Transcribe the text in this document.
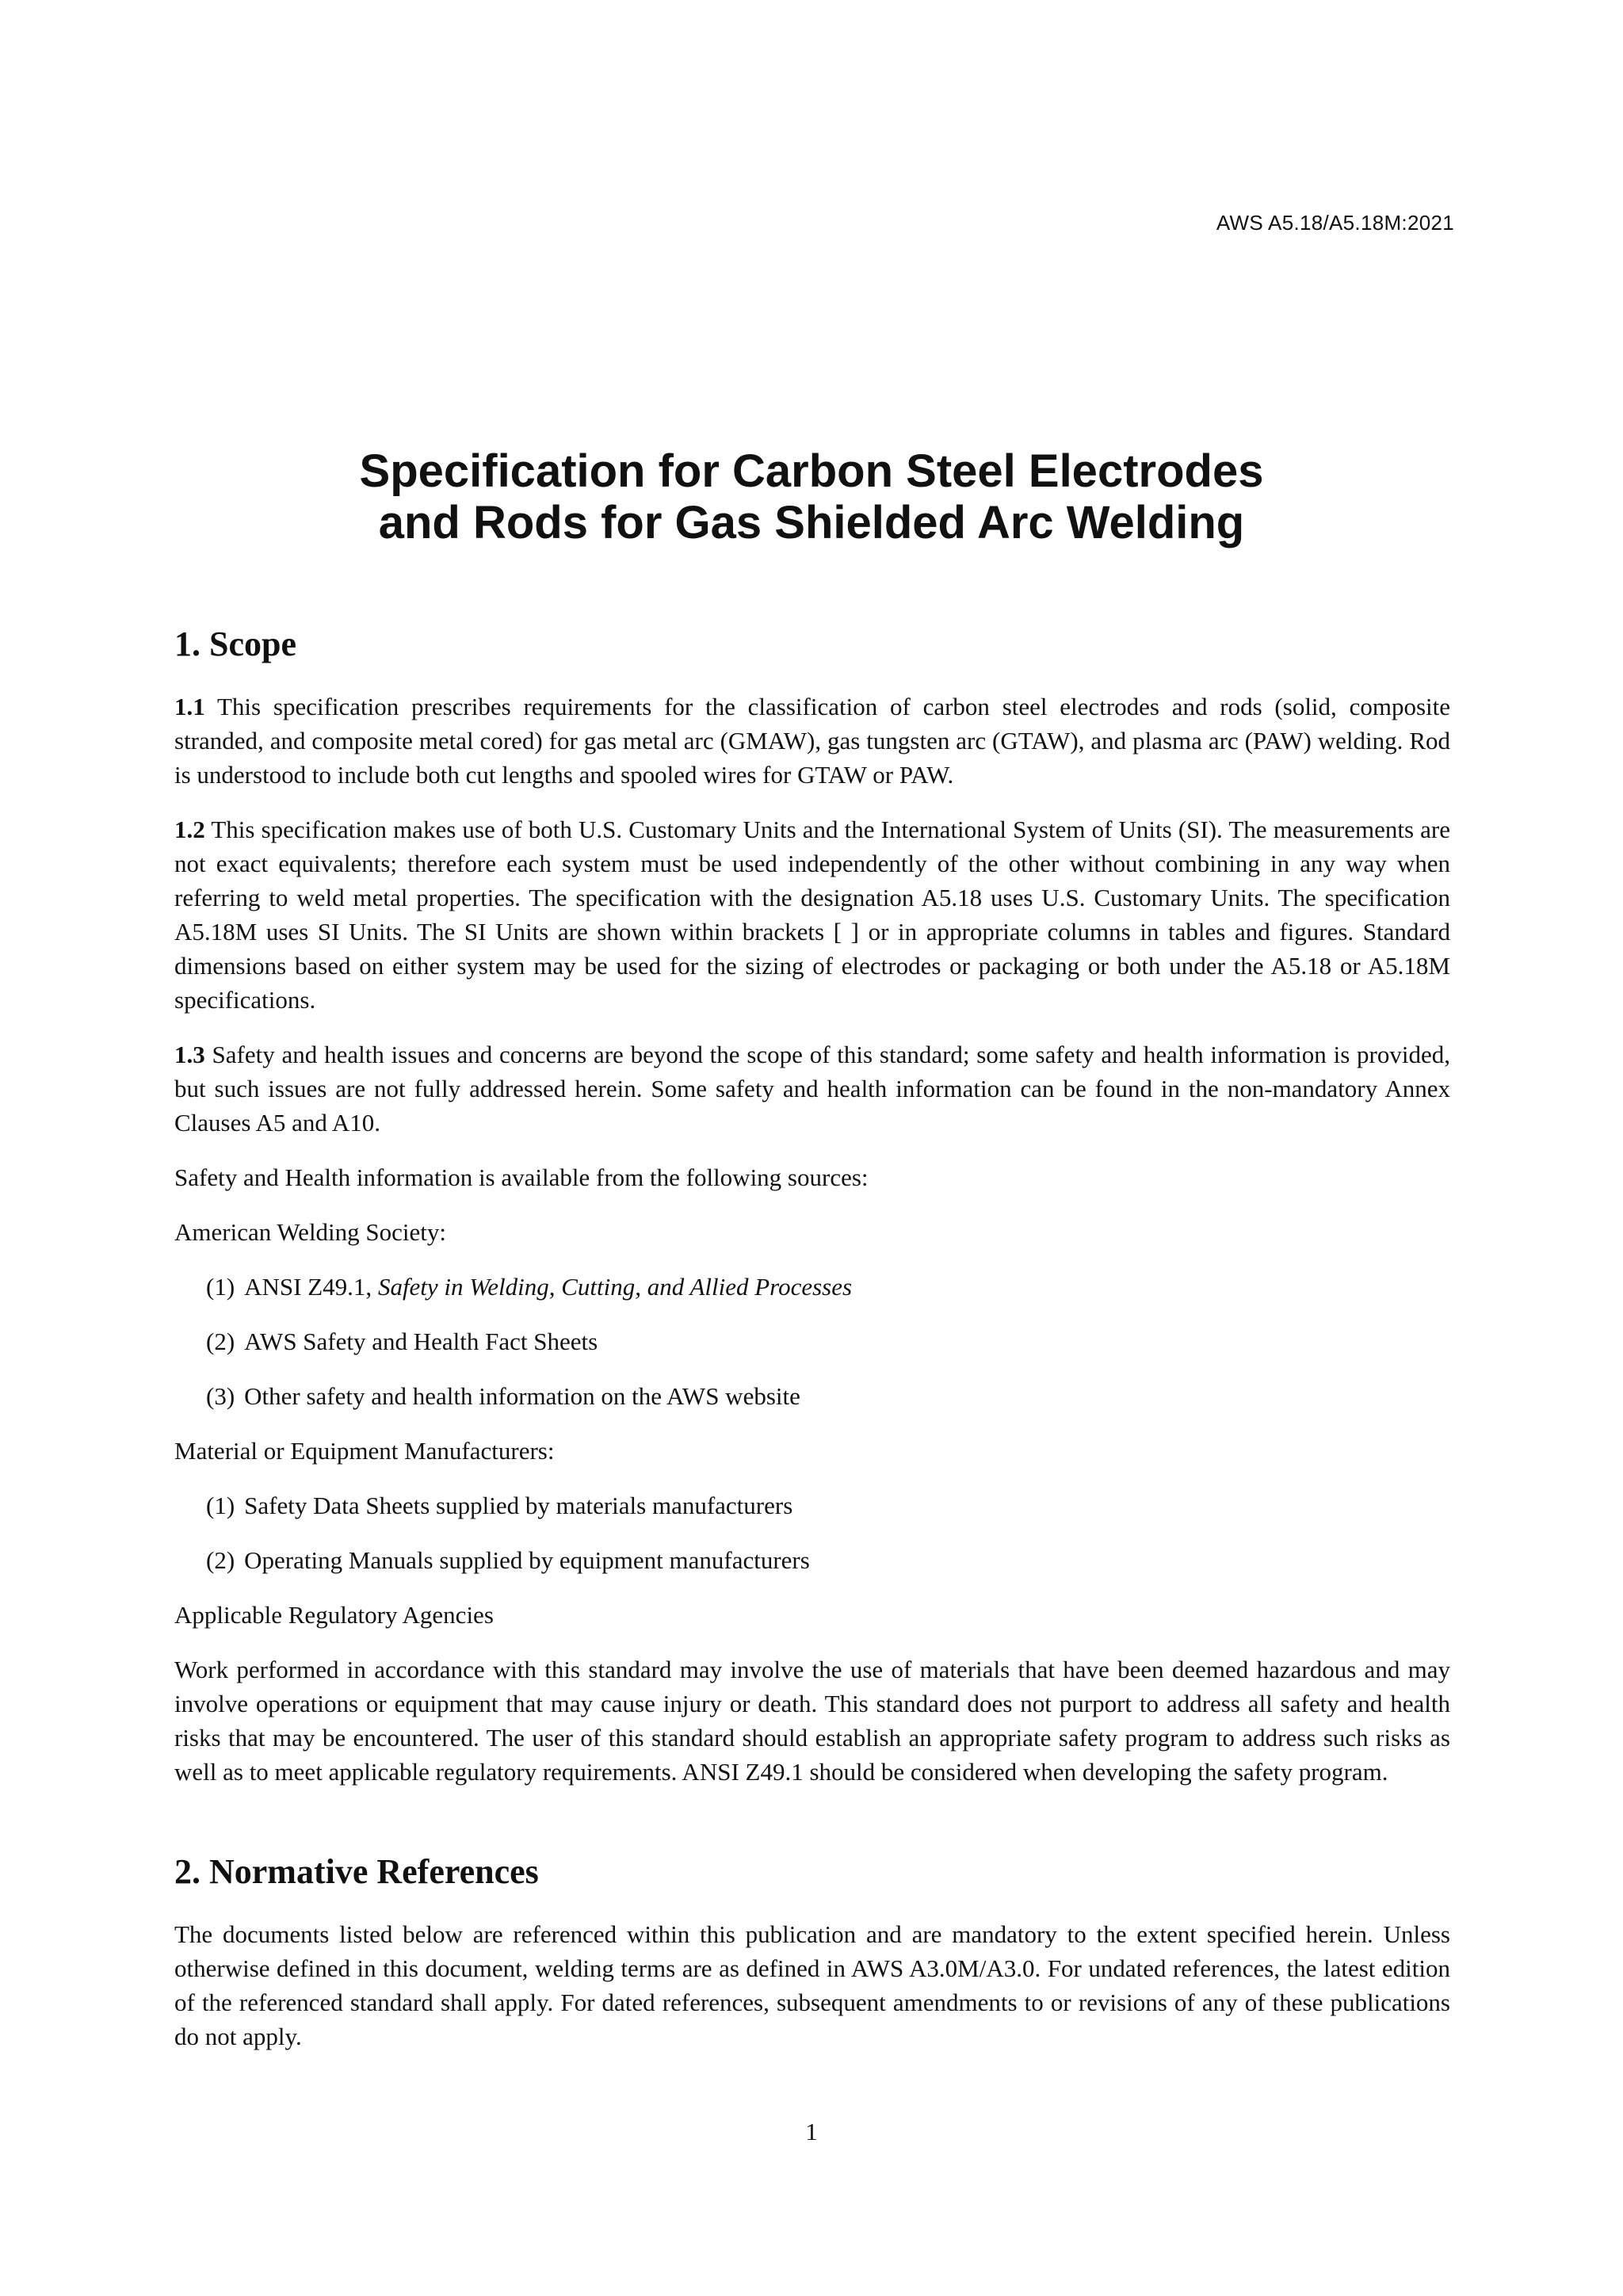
AWS A5.18/A5.18M:2021
Specification for Carbon Steel Electrodes
and Rods for Gas Shielded Arc Welding
1. Scope

1.1 This specification prescribes requirements for the classification of carbon steel electrodes and rods (solid, composite stranded, and composite metal cored) for gas metal arc (GMAW), gas tungsten arc (GTAW), and plasma arc (PAW) welding. Rod is understood to include both cut lengths and spooled wires for GTAW or PAW.

1.2 This specification makes use of both U.S. Customary Units and the International System of Units (SI). The measurements are not exact equivalents; therefore each system must be used independently of the other without combining in any way when referring to weld metal properties. The specification with the designation A5.18 uses U.S. Customary Units. The specification A5.18M uses SI Units. The SI Units are shown within brackets [ ] or in appropriate columns in tables and figures. Standard dimensions based on either system may be used for the sizing of electrodes or packaging or both under the A5.18 or A5.18M specifications.

1.3 Safety and health issues and concerns are beyond the scope of this standard; some safety and health information is provided, but such issues are not fully addressed herein. Some safety and health information can be found in the non-mandatory Annex Clauses A5 and A10.

Safety and Health information is available from the following sources:

American Welding Society:

(1) ANSI Z49.1, Safety in Welding, Cutting, and Allied Processes
(2) AWS Safety and Health Fact Sheets
(3) Other safety and health information on the AWS website

Material or Equipment Manufacturers:

(1) Safety Data Sheets supplied by materials manufacturers
(2) Operating Manuals supplied by equipment manufacturers

Applicable Regulatory Agencies

Work performed in accordance with this standard may involve the use of materials that have been deemed hazardous and may involve operations or equipment that may cause injury or death. This standard does not purport to address all safety and health risks that may be encountered. The user of this standard should establish an appropriate safety program to address such risks as well as to meet applicable regulatory requirements. ANSI Z49.1 should be considered when developing the safety program.

2. Normative References

The documents listed below are referenced within this publication and are mandatory to the extent specified herein. Unless otherwise defined in this document, welding terms are as defined in AWS A3.0M/A3.0. For undated references, the latest edition of the referenced standard shall apply. For dated references, subsequent amendments to or revisions of any of these publications do not apply.

1
